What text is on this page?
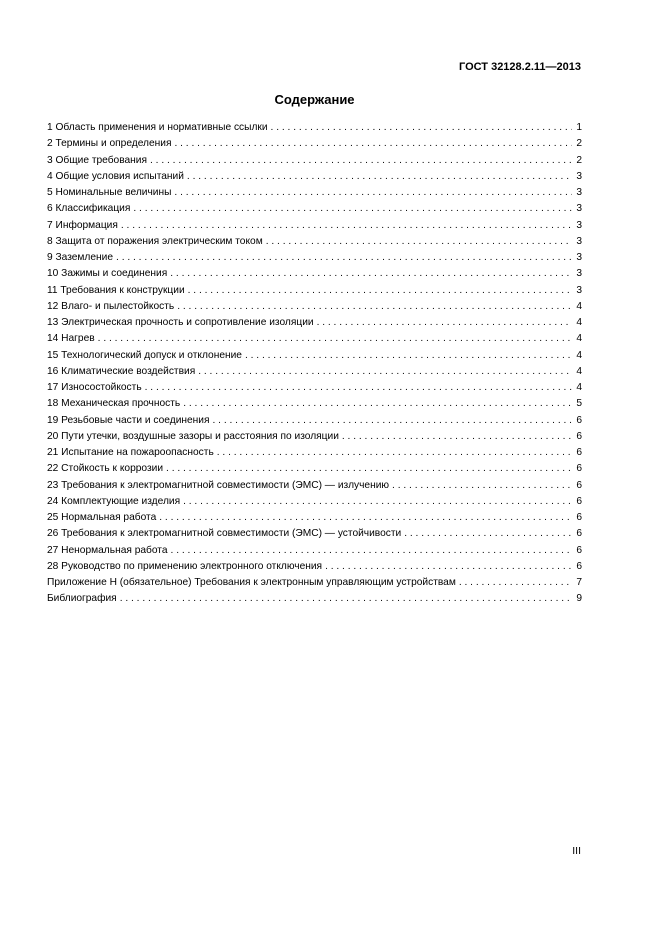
ГОСТ 32128.2.11—2013
Содержание
1 Область применения и нормативные ссылки . . .	1
2 Термины и определения . . .	2
3 Общие требования . . .	2
4 Общие условия испытаний . . .	3
5 Номинальные величины . . .	3
6 Классификация . . .	3
7 Информация . . .	3
8 Защита от поражения электрическим током . . .	3
9 Заземление . . .	3
10 Зажимы и соединения . . .	3
11 Требования к конструкции . . .	3
12 Влаго- и пылестойкость . . .	4
13 Электрическая прочность и сопротивление изоляции . . .	4
14 Нагрев . . .	4
15 Технологический допуск и отклонение . . .	4
16 Климатические воздействия . . .	4
17 Износостойкость . . .	4
18 Механическая прочность . . .	5
19 Резьбовые части и соединения . . .	6
20 Пути утечки, воздушные зазоры и расстояния по изоляции . . .	6
21 Испытание на пожароопасность . . .	6
22 Стойкость к коррозии . . .	6
23 Требования к электромагнитной совместимости (ЭМС) — излучению . . .	6
24 Комплектующие изделия . . .	6
25 Нормальная работа . . .	6
26 Требования к электромагнитной совместимости (ЭМС) — устойчивости . . .	6
27 Ненормальная работа . . .	6
28 Руководство по применению электронного отключения . . .	6
Приложение Н (обязательное) Требования к электронным управляющим устройствам . . .	7
Библиография . . .	9
III
